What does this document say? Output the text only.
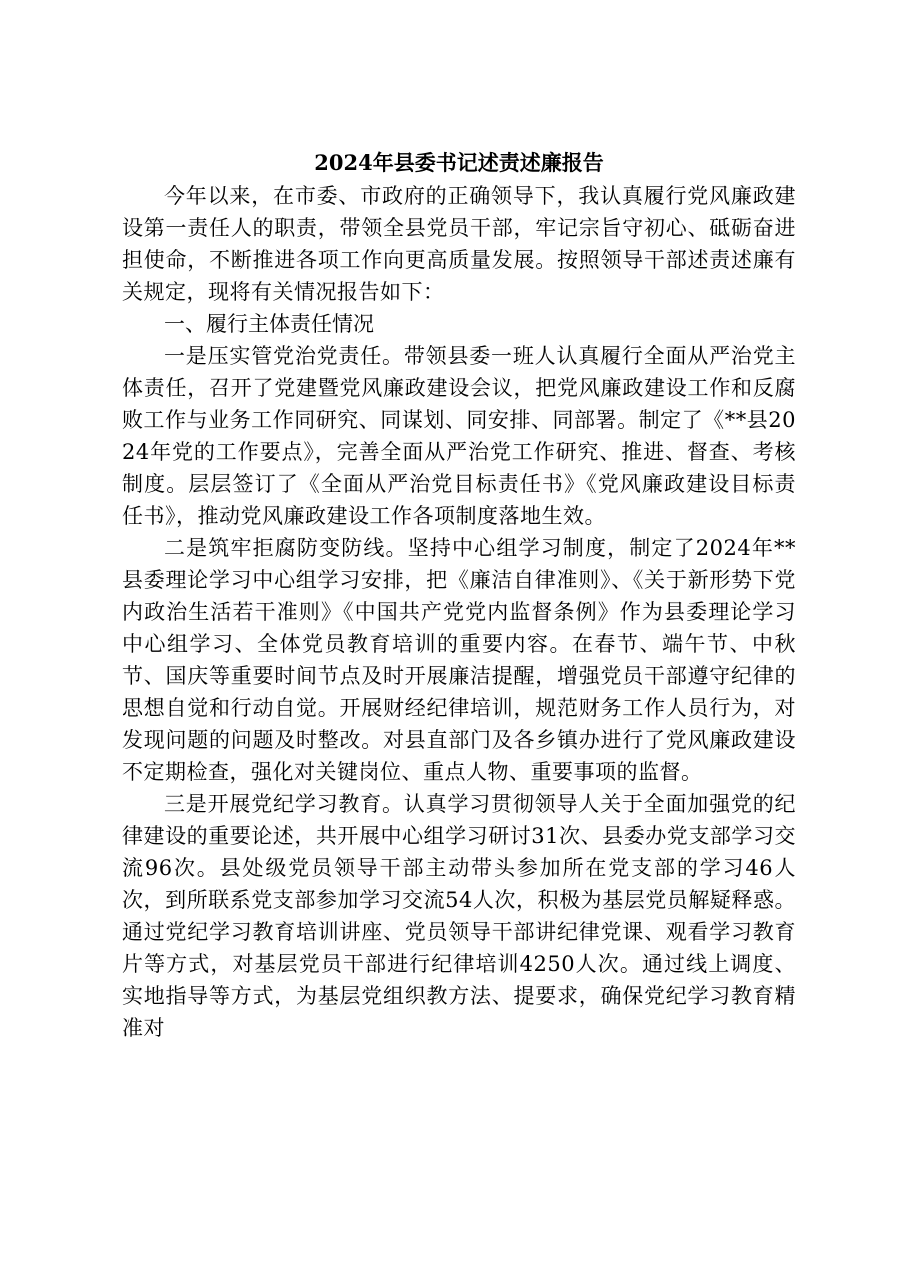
2024年县委书记述责述廉报告

今年以来，在市委、市政府的正确领导下，我认真履行党风廉政建设第一责任人的职责，带领全县党员干部，牢记宗旨守初心、砥砺奋进担使命，不断推进各项工作向更高质量发展。按照领导干部述责述廉有关规定，现将有关情况报告如下：

一、履行主体责任情况

一是压实管党治党责任。带领县委一班人认真履行全面从严治党主体责任，召开了党建暨党风廉政建设会议，把党风廉政建设工作和反腐败工作与业务工作同研究、同谋划、同安排、同部署。制定了《**县2024年党的工作要点》，完善全面从严治党工作研究、推进、督查、考核制度。层层签订了《全面从严治党目标责任书》《党风廉政建设目标责任书》，推动党风廉政建设工作各项制度落地生效。

二是筑牢拒腐防变防线。坚持中心组学习制度，制定了2024年**县委理论学习中心组学习安排，把《廉洁自律准则》、《关于新形势下党内政治生活若干准则》《中国共产党党内监督条例》作为县委理论学习中心组学习、全体党员教育培训的重要内容。在春节、端午节、中秋节、国庆等重要时间节点及时开展廉洁提醒，增强党员干部遵守纪律的思想自觉和行动自觉。开展财经纪律培训，规范财务工作人员行为，对发现问题的问题及时整改。对县直部门及各乡镇办进行了党风廉政建设不定期检查，强化对关键岗位、重点人物、重要事项的监督。

三是开展党纪学习教育。认真学习贯彻领导人关于全面加强党的纪律建设的重要论述，共开展中心组学习研讨31次、县委办党支部学习交流96次。县处级党员领导干部主动带头参加所在党支部的学习46人次，到所联系党支部参加学习交流54人次，积极为基层党员解疑释惑。通过党纪学习教育培训讲座、党员领导干部讲纪律党课、观看学习教育片等方式，对基层党员干部进行纪律培训4250人次。通过线上调度、实地指导等方式，为基层党组织教方法、提要求，确保党纪学习教育精准对
